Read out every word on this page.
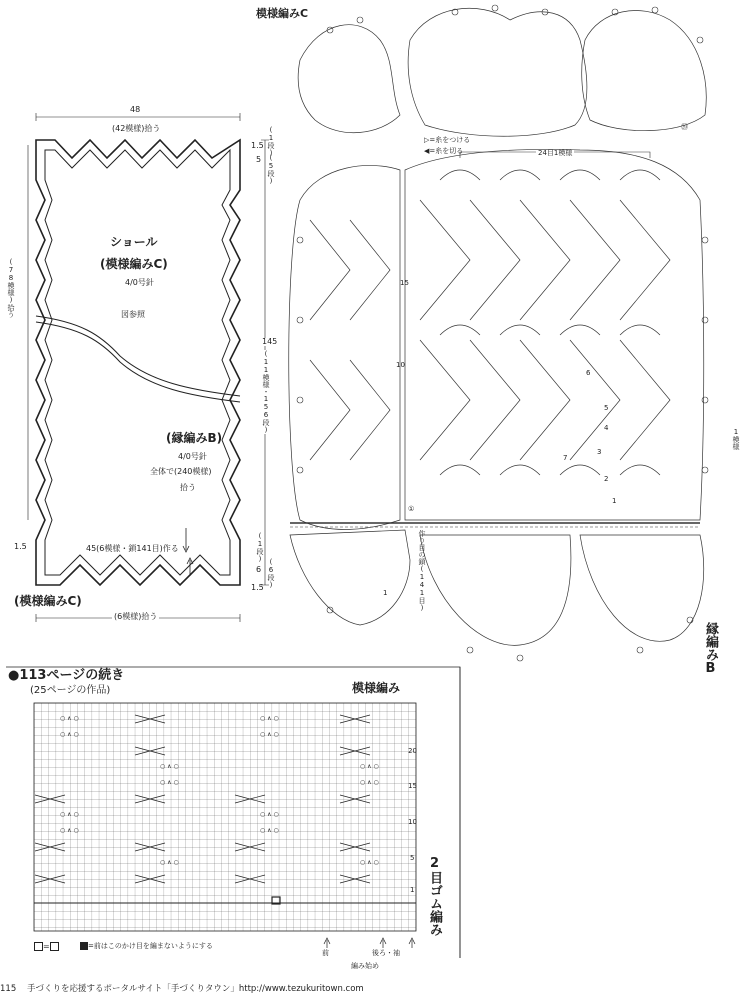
模様編みC
▷=糸をつける
◀=糸を切る	24目1模様
作り目の鎖(141目)
縁編みB
1模様
①
⑳
1
2
3
4
5
6
7
10
15
1
48
(42模様)拾う
ショール
(模様編みC)
4/0号針
図参照
(78模様)拾う
145
(11模様・156段)
(縁編みB)
4/0号針
全体で(240模様)
拾う
45(6模様・鎖141目)作る
(模様編みC)
(6模様)拾う
1.5
1.5 (1段)
5 (5段)
(1段)
6 (6段)
1.5
●113ページの続き
(25ページの作品)	模様編み
○ ∧ ○	○ ∧ ○
○ ∧ ○	○ ∧ ○
○ ∧ ○	○ ∧ ○
○ ∧ ○	○ ∧ ○
○ ∧ ○	○ ∧ ○
○ ∧ ○	○ ∧ ○
○ ∧ ○	○ ∧ ○
20
15
10
5
1 2目ゴム編み
=	=前はこのかけ目を編まないようにする
前	後ろ・袖
編み始め
115 手づくりを応援するポータルサイト「手づくりタウン」http://www.tezukuritown.com
